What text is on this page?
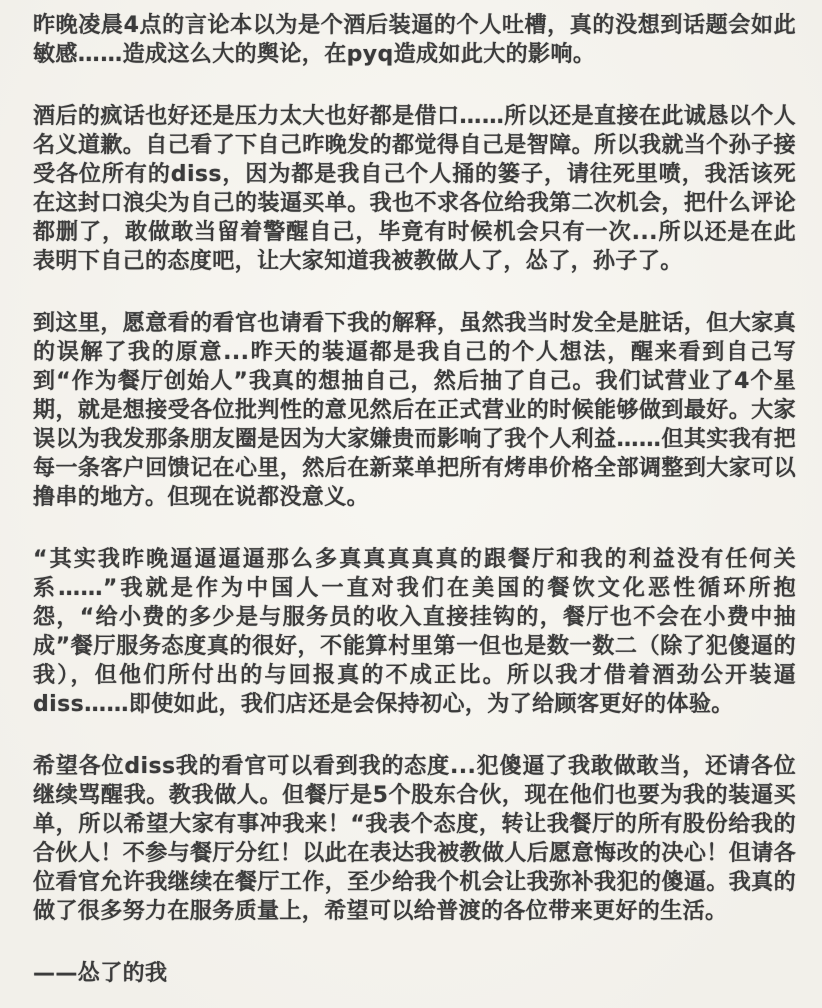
昨晚凌晨4点的言论本以为是个酒后装逼的个人吐槽，真的没想到话题会如此敏感……造成这么大的舆论，在pyq造成如此大的影响。

酒后的疯话也好还是压力太大也好都是借口……所以还是直接在此诚恳以个人名义道歉。自己看了下自己昨晚发的都觉得自己是智障。所以我就当个孙子接受各位所有的diss，因为都是我自己个人捅的篓子，请往死里喷，我活该死在这封口浪尖为自己的装逼买单。我也不求各位给我第二次机会，把什么评论都删了，敢做敢当留着警醒自己，毕竟有时候机会只有一次...所以还是在此表明下自己的态度吧，让大家知道我被教做人了，怂了，孙子了。

到这里，愿意看的看官也请看下我的解释，虽然我当时发全是脏话，但大家真的误解了我的原意...昨天的装逼都是我自己的个人想法，醒来看到自己写到“作为餐厅创始人”我真的想抽自己，然后抽了自己。我们试营业了4个星期，就是想接受各位批判性的意见然后在正式营业的时候能够做到最好。大家误以为我发那条朋友圈是因为大家嫌贵而影响了我个人利益……但其实我有把每一条客户回馈记在心里，然后在新菜单把所有烤串价格全部调整到大家可以撸串的地方。但现在说都没意义。

“其实我昨晚逼逼逼逼那么多真真真真真的跟餐厅和我的利益没有任何关系……”我就是作为中国人一直对我们在美国的餐饮文化恶性循环所抱怨，“给小费的多少是与服务员的收入直接挂钩的，餐厅也不会在小费中抽成”餐厅服务态度真的很好，不能算村里第一但也是数一数二（除了犯傻逼的我），但他们所付出的与回报真的不成正比。所以我才借着酒劲公开装逼diss……即使如此，我们店还是会保持初心，为了给顾客更好的体验。

希望各位diss我的看官可以看到我的态度...犯傻逼了我敢做敢当，还请各位继续骂醒我。教我做人。但餐厅是5个股东合伙，现在他们也要为我的装逼买单，所以希望大家有事冲我来！“我表个态度，转让我餐厅的所有股份给我的合伙人！不参与餐厅分红！以此在表达我被教做人后愿意悔改的决心！但请各位看官允许我继续在餐厅工作，至少给我个机会让我弥补我犯的傻逼。我真的做了很多努力在服务质量上，希望可以给普渡的各位带来更好的生活。

——怂了的我
